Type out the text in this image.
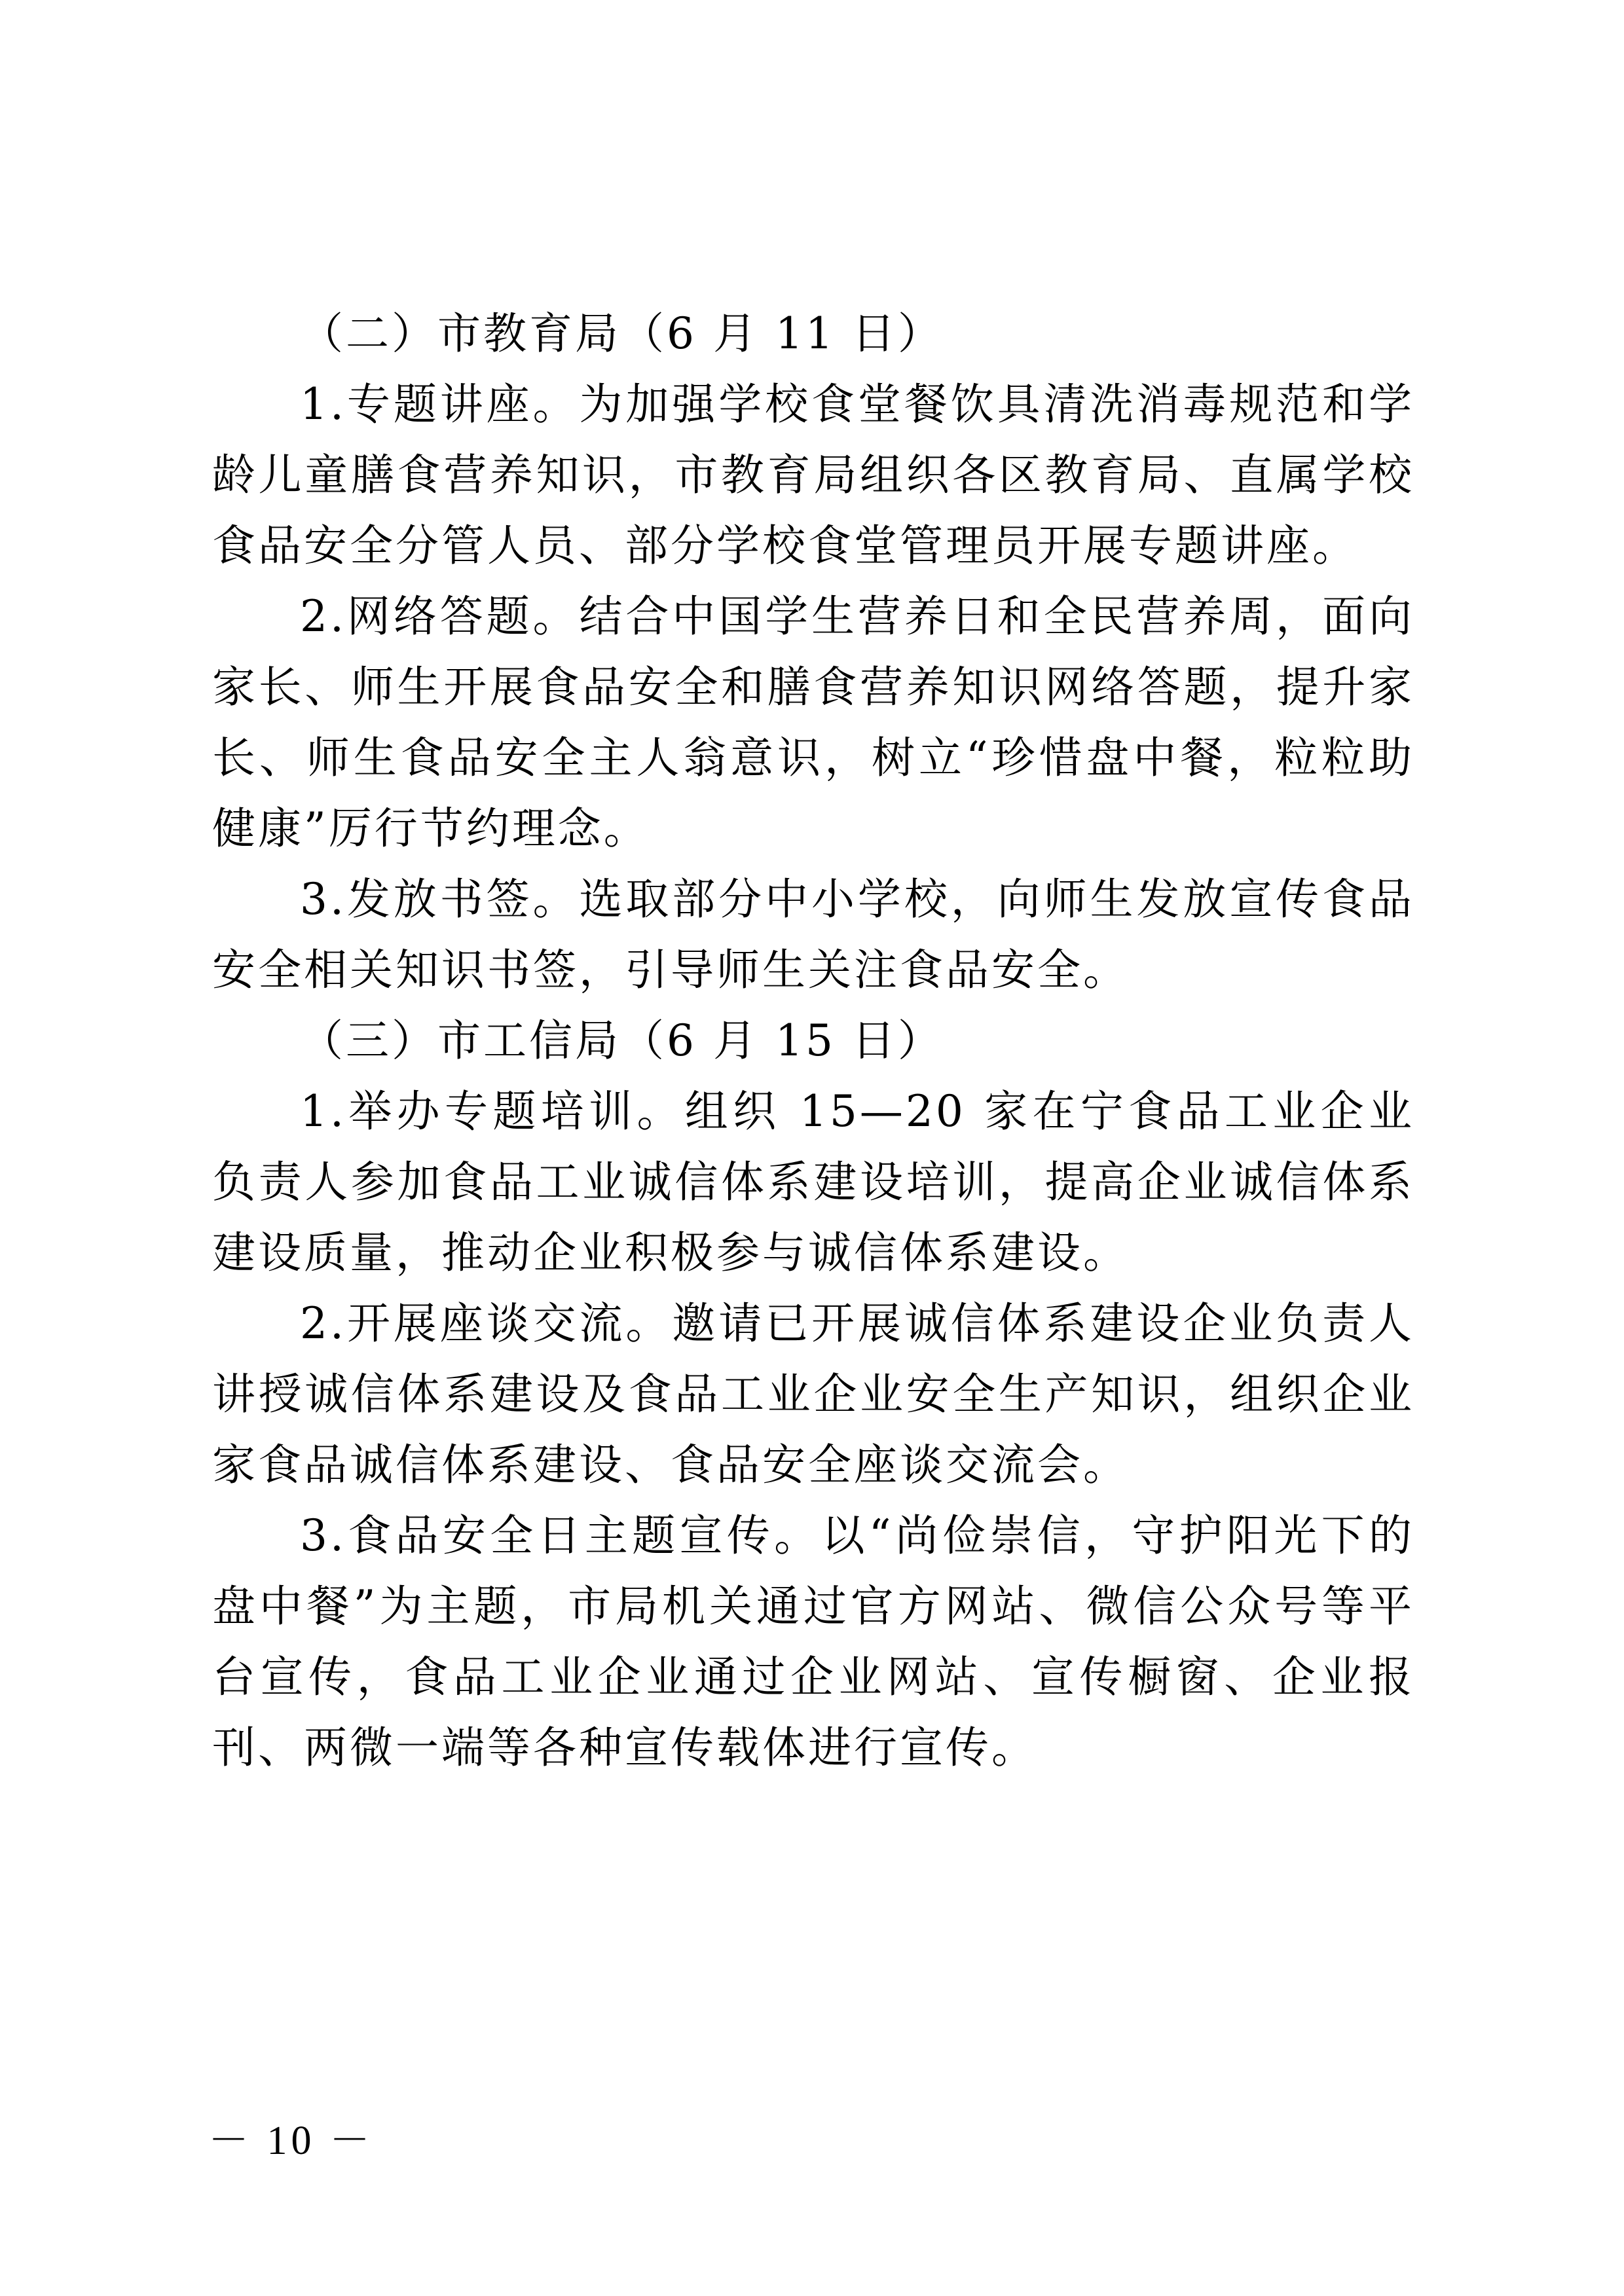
（二）市教育局（6 月 11 日）

1.专题讲座。为加强学校食堂餐饮具清洗消毒规范和学龄儿童膳食营养知识，市教育局组织各区教育局、直属学校食品安全分管人员、部分学校食堂管理员开展专题讲座。

2.网络答题。结合中国学生营养日和全民营养周，面向家长、师生开展食品安全和膳食营养知识网络答题，提升家长、师生食品安全主人翁意识，树立“珍惜盘中餐，粒粒助健康”厉行节约理念。

3.发放书签。选取部分中小学校，向师生发放宣传食品安全相关知识书签，引导师生关注食品安全。

（三）市工信局（6 月 15 日）

1.举办专题培训。组织 15—20 家在宁食品工业企业负责人参加食品工业诚信体系建设培训，提高企业诚信体系建设质量，推动企业积极参与诚信体系建设。

2.开展座谈交流。邀请已开展诚信体系建设企业负责人讲授诚信体系建设及食品工业企业安全生产知识，组织企业家食品诚信体系建设、食品安全座谈交流会。

3.食品安全日主题宣传。以“尚俭崇信，守护阳光下的盘中餐”为主题，市局机关通过官方网站、微信公众号等平台宣传，食品工业企业通过企业网站、宣传橱窗、企业报刊、两微一端等各种宣传载体进行宣传。

－ 10 －
